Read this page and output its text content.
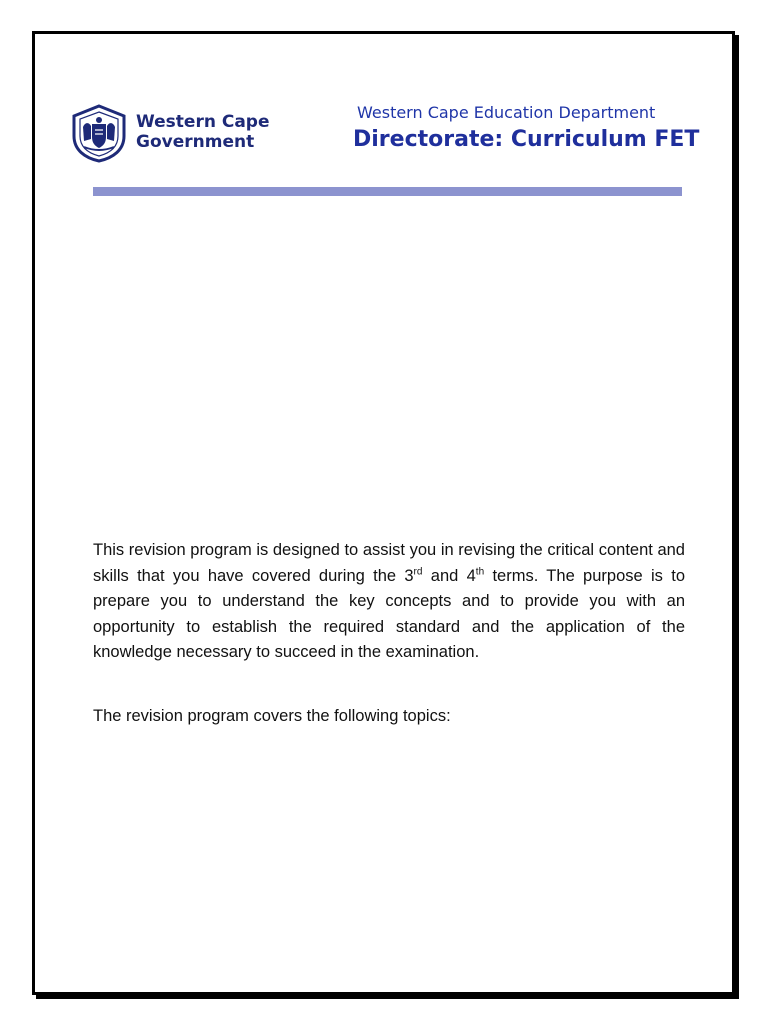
Western Cape
Government
Western Cape Education Department
Directorate: Curriculum FET

This revision program is designed to assist you in revising the critical content and skills that you have covered during the 3rd and 4th terms. The purpose is to prepare you to understand the key concepts and to provide you with an opportunity to establish the required standard and the application of the knowledge necessary to succeed in the examination.

The revision program covers the following topics:
